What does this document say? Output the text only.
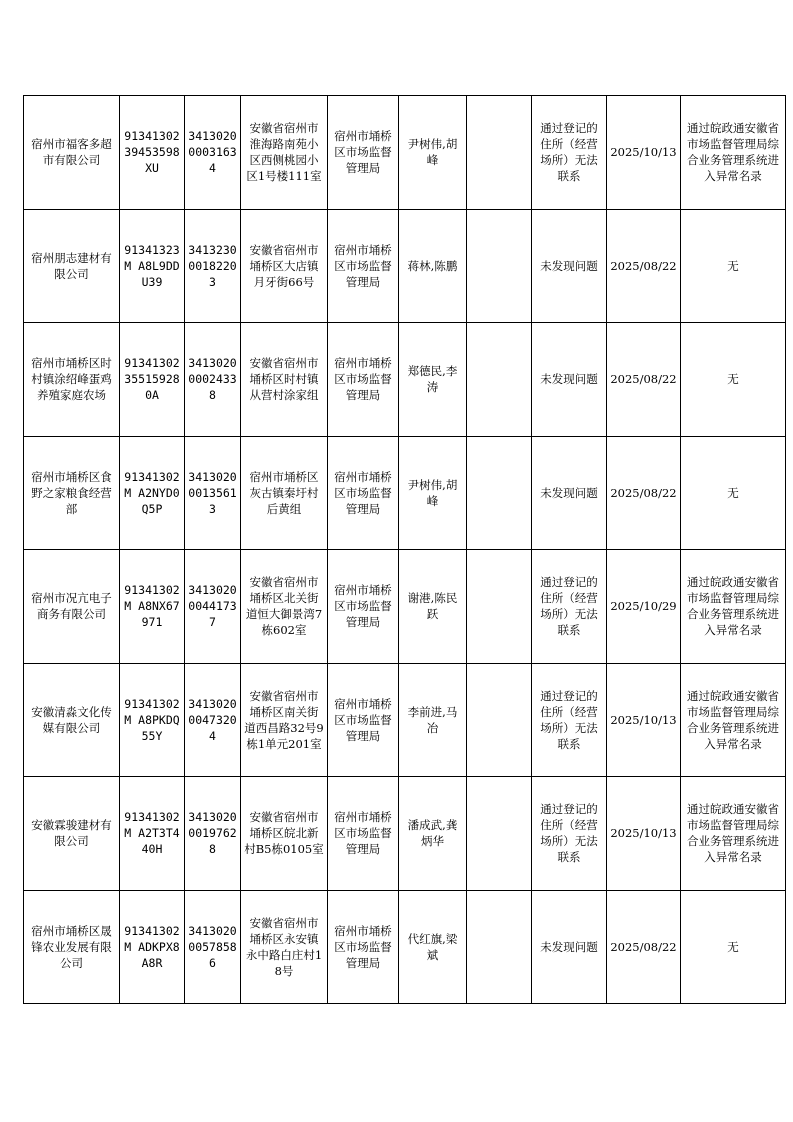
宿州市福客多超市有限公司	91341302 39453598XU	3413020 0003163 4	安徽省宿州市淮海路南苑小区西侧桃园小区1号楼111室	宿州市埇桥区市场监督管理局	尹树伟,胡峰		通过登记的住所（经营场所）无法联系	2025/10/13	通过皖政通安徽省市场监督管理局综合业务管理系统进入异常名录
宿州朋志建材有限公司	91341323M A8L9DDU39	3413230 0018220 3	安徽省宿州市埇桥区大店镇月牙街66号	宿州市埇桥区市场监督管理局	蒋林,陈鹏		未发现问题	2025/08/22	无
宿州市埇桥区时村镇涂绍峰蛋鸡养殖家庭农场	91341302 355159280A	3413020 0002433 8	安徽省宿州市埇桥区时村镇从营村涂家组	宿州市埇桥区市场监督管理局	郑德民,李涛		未发现问题	2025/08/22	无
宿州市埇桥区食野之家粮食经营部	91341302M A2NYD0Q5P	3413020 0013561 3	宿州市埇桥区灰古镇秦圩村后黄组	宿州市埇桥区市场监督管理局	尹树伟,胡峰		未发现问题	2025/08/22	无
宿州市况亢电子商务有限公司	91341302M A8NX67971	3413020 0044173 7	安徽省宿州市埇桥区北关街道恒大御景湾7栋602室	宿州市埇桥区市场监督管理局	谢港,陈民跃		通过登记的住所（经营场所）无法联系	2025/10/29	通过皖政通安徽省市场监督管理局综合业务管理系统进入异常名录
安徽清淼文化传媒有限公司	91341302M A8PKDQ55Y	3413020 0047320 4	安徽省宿州市埇桥区南关街道西昌路32号9栋1单元201室	宿州市埇桥区市场监督管理局	李前进,马冶		通过登记的住所（经营场所）无法联系	2025/10/13	通过皖政通安徽省市场监督管理局综合业务管理系统进入异常名录
安徽霖骏建材有限公司	91341302M A2T3T440H	3413020 0019762 8	安徽省宿州市埇桥区皖北新村B5栋0105室	宿州市埇桥区市场监督管理局	潘成武,龚炳华		通过登记的住所（经营场所）无法联系	2025/10/13	通过皖政通安徽省市场监督管理局综合业务管理系统进入异常名录
宿州市埇桥区晟锋农业发展有限公司	91341302M ADKPX8A8R	3413020 0057858 6	安徽省宿州市埇桥区永安镇永中路白庄村18号	宿州市埇桥区市场监督管理局	代红旗,梁斌		未发现问题	2025/08/22	无
